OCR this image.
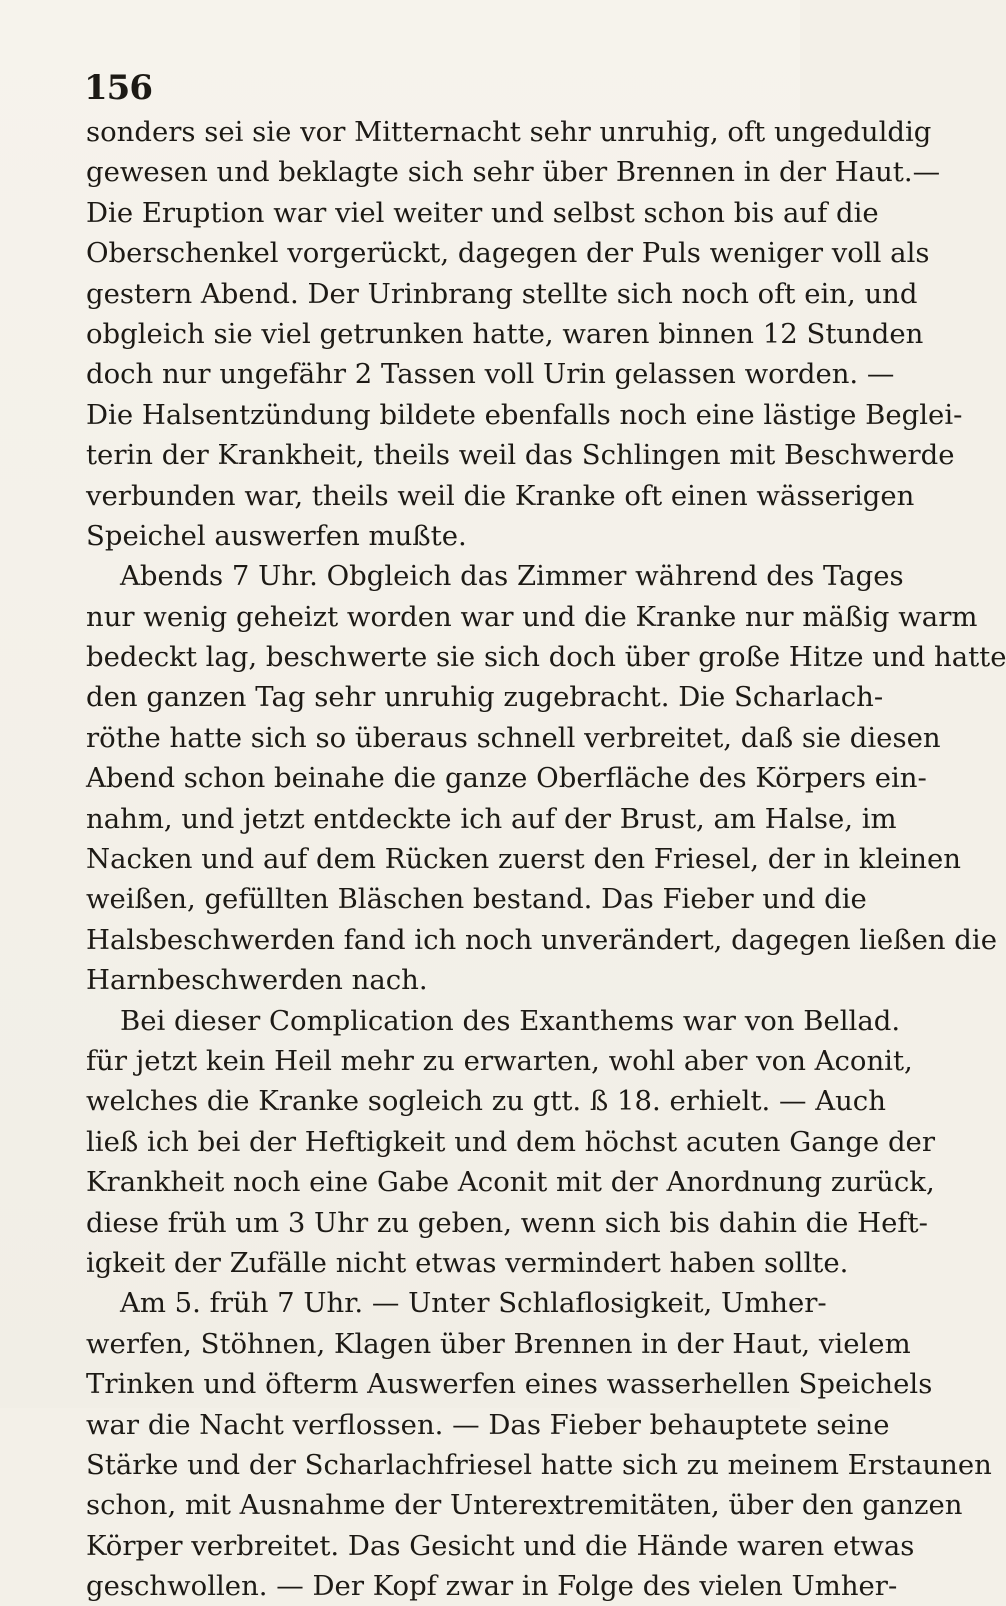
156
sonders sei sie vor Mitternacht sehr unruhig, oft ungeduldig
gewesen und beklagte sich sehr über Brennen in der Haut.—
Die Eruption war viel weiter und selbst schon bis auf die
Oberschenkel vorgerückt, dagegen der Puls weniger voll als
gestern Abend. Der Urinbrang stellte sich noch oft ein, und
obgleich sie viel getrunken hatte, waren binnen 12 Stunden
doch nur ungefähr 2 Tassen voll Urin gelassen worden. —
Die Halsentzündung bildete ebenfalls noch eine lästige Beglei-
terin der Krankheit, theils weil das Schlingen mit Beschwerde
verbunden war, theils weil die Kranke oft einen wässerigen
Speichel auswerfen mußte.
Abends 7 Uhr. Obgleich das Zimmer während des Tages
nur wenig geheizt worden war und die Kranke nur mäßig warm
bedeckt lag, beschwerte sie sich doch über große Hitze und hatte
den ganzen Tag sehr unruhig zugebracht. Die Scharlach-
röthe hatte sich so überaus schnell verbreitet, daß sie diesen
Abend schon beinahe die ganze Oberfläche des Körpers ein-
nahm, und jetzt entdeckte ich auf der Brust, am Halse, im
Nacken und auf dem Rücken zuerst den Friesel, der in kleinen
weißen, gefüllten Bläschen bestand. Das Fieber und die
Halsbeschwerden fand ich noch unverändert, dagegen ließen die
Harnbeschwerden nach.
Bei dieser Complication des Exanthems war von Bellad.
für jetzt kein Heil mehr zu erwarten, wohl aber von Aconit,
welches die Kranke sogleich zu gtt. ß 18. erhielt. — Auch
ließ ich bei der Heftigkeit und dem höchst acuten Gange der
Krankheit noch eine Gabe Aconit mit der Anordnung zurück,
diese früh um 3 Uhr zu geben, wenn sich bis dahin die Heft-
igkeit der Zufälle nicht etwas vermindert haben sollte.
Am 5. früh 7 Uhr. — Unter Schlaflosigkeit, Umher-
werfen, Stöhnen, Klagen über Brennen in der Haut, vielem
Trinken und öfterm Auswerfen eines wasserhellen Speichels
war die Nacht verflossen. — Das Fieber behauptete seine
Stärke und der Scharlachfriesel hatte sich zu meinem Erstaunen
schon, mit Ausnahme der Unterextremitäten, über den ganzen
Körper verbreitet. Das Gesicht und die Hände waren etwas
geschwollen. — Der Kopf zwar in Folge des vielen Umher-
